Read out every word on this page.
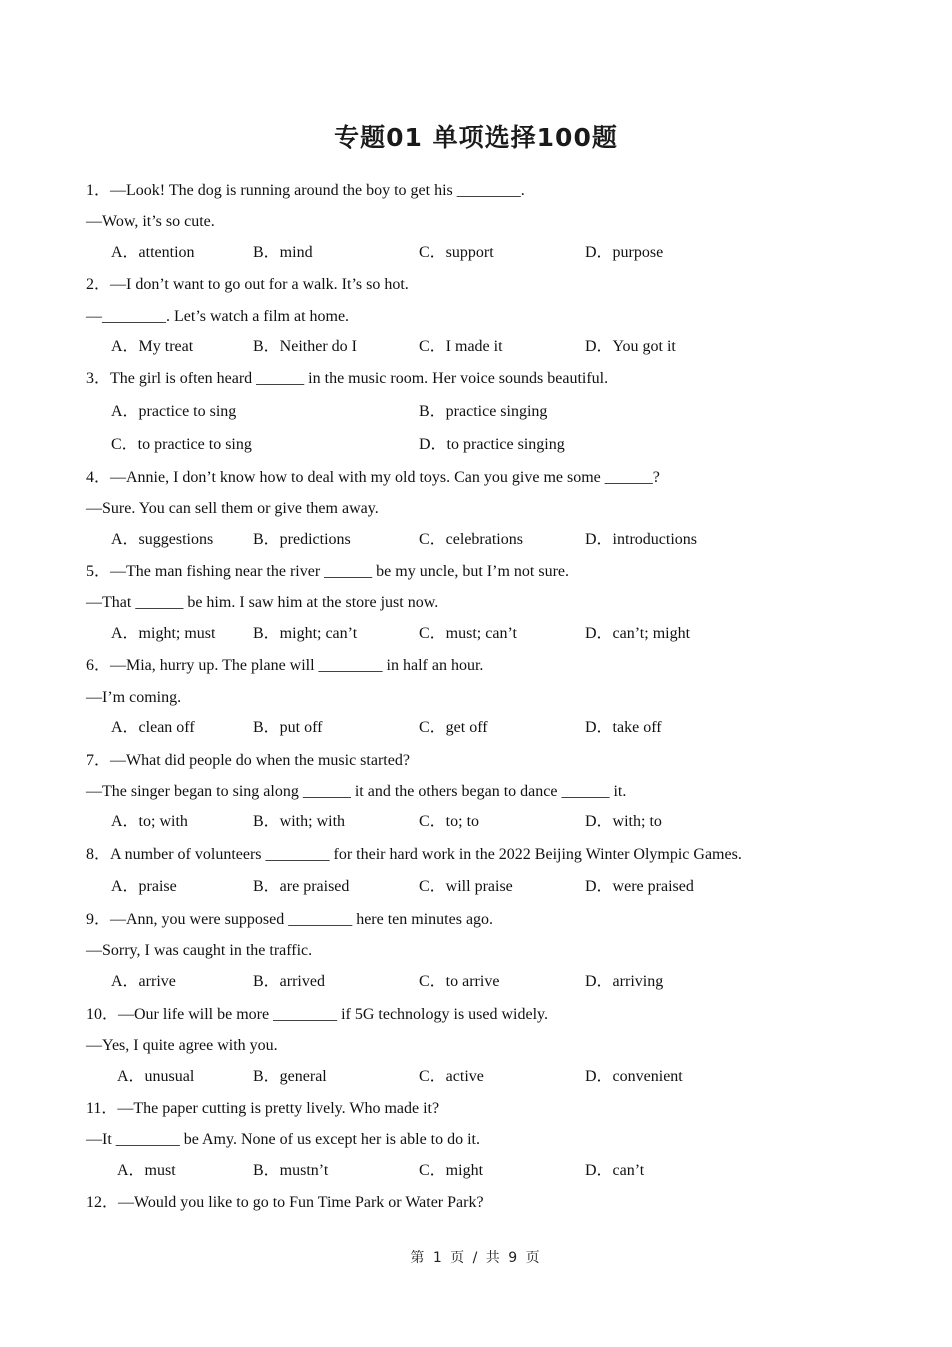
专题01 单项选择100题
1．—Look! The dog is running around the boy to get his ________.
—Wow, it’s so cute.
A．attention	B．mind	C．support	D．purpose
2．—I don’t want to go out for a walk. It’s so hot.
—________. Let’s watch a film at home.
A．My treat	B．Neither do I	C．I made it	D．You got it
3．The girl is often heard ______ in the music room. Her voice sounds beautiful.
A．practice to sing	B．practice singing
C．to practice to sing	D．to practice singing
4．—Annie, I don’t know how to deal with my old toys. Can you give me some ______?
—Sure. You can sell them or give them away.
A．suggestions B．predictions	C．celebrations	D．introductions
5．—The man fishing near the river ______ be my uncle, but I’m not sure.
—That ______ be him. I saw him at the store just now.
A．might; must B．might; can’t	C．must; can’t	D．can’t; might
6．—Mia, hurry up. The plane will ________ in half an hour.
—I’m coming.
A．clean off	B．put off	C．get off	D．take off
7．—What did people do when the music started?
—The singer began to sing along ______ it and the others began to dance ______ it.
A．to; with	B．with; with	C．to; to	D．with; to
8．A number of volunteers ________ for their hard work in the 2022 Beijing Winter Olympic Games.
A．praise	B．are praised	C．will praise	D．were praised
9．—Ann, you were supposed ________ here ten minutes ago.
—Sorry, I was caught in the traffic.
A．arrive	B．arrived	C．to arrive	D．arriving
10．—Our life will be more ________ if 5G technology is used widely.
—Yes, I quite agree with you.
A．unusual	B．general	C．active	D．convenient
11．—The paper cutting is pretty lively. Who made it?
—It ________ be Amy. None of us except her is able to do it.
A．must	B．mustn’t	C．might	D．can’t
12．—Would you like to go to Fun Time Park or Water Park?
第 1 页 / 共 9 页
